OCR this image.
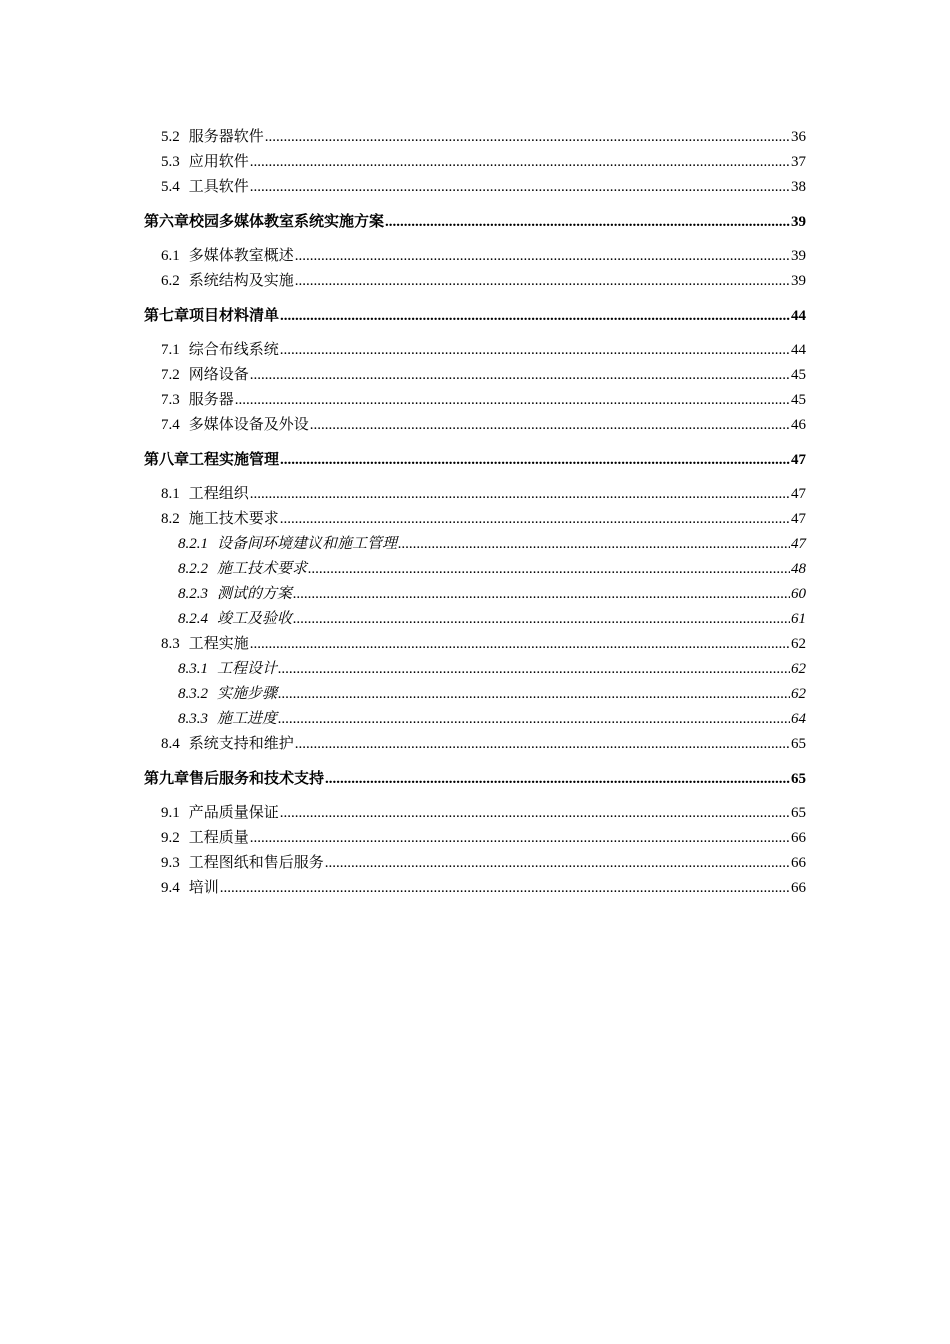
5.2 服务器软件 .....	36
5.3 应用软件 .....	37
5.4 工具软件 .....	38
第六章 校园多媒体教室系统实施方案 .....	39
6.1 多媒体教室概述 .....	39
6.2 系统结构及实施 .....	39
第七章 项目材料清单 .....	44
7.1 综合布线系统 .....	44
7.2 网络设备 .....	45
7.3 服务器 .....	45
7.4 多媒体设备及外设 .....	46
第八章 工程实施管理 .....	47
8.1 工程组织 .....	47
8.2 施工技术要求 .....	47
8.2.1 设备间环境建议和施工管理 .....	47
8.2.2 施工技术要求 .....	48
8.2.3 测试的方案 .....	60
8.2.4 竣工及验收 .....	61
8.3 工程实施 .....	62
8.3.1 工程设计 .....	62
8.3.2 实施步骤 .....	62
8.3.3 施工进度 .....	64
8.4 系统支持和维护 .....	65
第九章 售后服务和技术支持 .....	65
9.1 产品质量保证 .....	65
9.2 工程质量 .....	66
9.3 工程图纸和售后服务 .....	66
9.4 培训 .....	66
